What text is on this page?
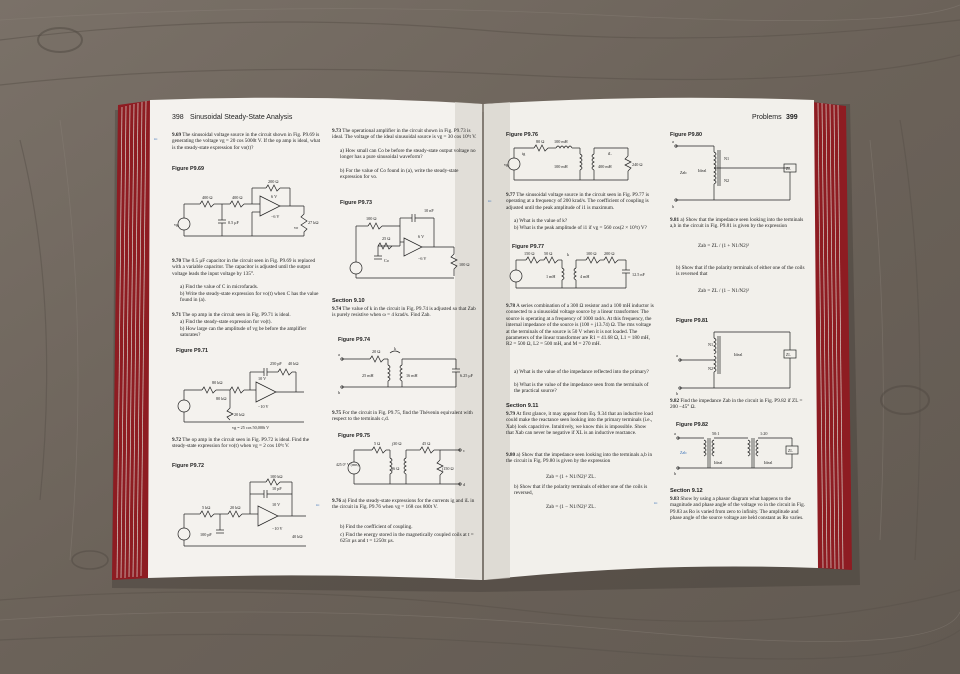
398 Sinusoidal Steady-State Analysis
▪▪▪
9.69 The sinusoidal voltage source in the circuit shown in Fig. P9.69 is generating the voltage vg = 20 cos 5000t V. If the op amp is ideal, what is the steady-state expression for vo(t)?
Figure P9.69
vg
400 Ω	400 Ω
200 Ω
0.5 μF
6 V
−6 V
27 kΩ
vo
9.70 The 0.5 μF capacitor in the circuit seen in Fig. P9.69 is replaced with a variable capacitor. The capacitor is adjusted until the output voltage leads the input voltage by 135°.
a) Find the value of C in microfarads.
b) Write the steady-state expression for vo(t) when C has the value found in (a).
9.71 The op amp in the circuit seen in Fig. P9.71 is ideal.
a) Find the steady-state expression for vo(t).
b) How large can the amplitude of vg be before the amplifier saturates?
Figure P9.71
80 kΩ
80 kΩ
250 pF 40 kΩ
10 V
−10 V
20 kΩ
vg = 25 cos 50,000t V
9.72 The op amp in the circuit seen in Fig. P9.72 is ideal. Find the steady-state expression for vo(t) when vg = 2 cos 10⁶t V.
Figure P9.72
100 kΩ
10 pF
5 kΩ	20 kΩ
100 pF
10 V
−10 V
40 kΩ
9.73 The operational amplifier in the circuit shown in Fig. P9.73 is ideal. The voltage of the ideal sinusoidal source is vg = 30 cos 10⁶t V.
a) How small can Co be before the steady-state output voltage no longer has a pure sinusoidal waveform?
b) For the value of Co found in (a), write the steady-state expression for vo.
Figure P9.73
10 nF
100 Ω
25 Ω
Co
6 V
−6 V
100 Ω
Section 9.10
9.74 The value of k in the circuit in Fig. P9.74 is adjusted so that Zab is purely resistive when ω = 4 krad/s. Find Zab.
Figure P9.74
a
b
20 Ω
25 mH	16 mH	6.25 μF
k
9.75 For the circuit in Fig. P9.75, find the Thévenin equivalent with respect to the terminals c,d.
Figure P9.75
5 Ω	j30 Ω	45 Ω
j6 Ω	j150 Ω
425 0° V (rms)
c
d
▪▪▪
9.76 a) Find the steady-state expressions for the currents ig and iL in the circuit in Fig. P9.76 when vg = 168 cos 800t V.
b) Find the coefficient of coupling.
c) Find the energy stored in the magnetically coupled coils at t = 625π μs and t = 1250π μs.
Problems 399
Figure P9.76
80 Ω 100 mH
100 mH	400 mH	240 Ω
ig	iL
vg
▪▪▪
9.77 The sinusoidal voltage source in the circuit seen in Fig. P9.77 is operating at a frequency of 200 krad/s. The coefficient of coupling is adjusted until the peak amplitude of i1 is maximum.
a) What is the value of k?
b) What is the peak amplitude of i1 if vg = 560 cos(2 × 10⁵t) V?
Figure P9.77
150 Ω 50 Ω	100 Ω 200 Ω
1 mH	4 mH	12.5 nF
k
9.78 A series combination of a 300 Ω resistor and a 100 mH inductor is connected to a sinusoidal voltage source by a linear transformer. The source is operating at a frequency of 1000 rad/s. At this frequency, the internal impedance of the source is (100 + j13.74) Ω. The rms voltage at the terminals of the source is 50 V when it is not loaded. The parameters of the linear transformer are R1 = 41.68 Ω, L1 = 180 mH, R2 = 500 Ω, L2 = 500 mH, and M = 270 mH.
a) What is the value of the impedance reflected into the primary?
b) What is the value of the impedance seen from the terminals of the practical source?
Section 9.11
9.79 At first glance, it may appear from Eq. 9.34 that an inductive load could make the reactance seen looking into the primary terminals (i.e., Xab) look capacitive. Intuitively, we know this is impossible. Show that Xab can never be negative if XL is an inductive reactance.
9.80 a) Show that the impedance seen looking into the terminals a,b in the circuit in Fig. P9.80 is given by the expression
Zab = (1 + N1/N2)² ZL.
b) Show that if the polarity terminals of either one of the coils is reversed,
Zab = (1 − N1/N2)² ZL.
Figure P9.80
a
b
N1
N2
Ideal	ZL
Zab
9.81 a) Show that the impedance seen looking into the terminals a,b in the circuit in Fig. P9.81 is given by the expression
Zab = ZL / (1 + N1/N2)²
b) Show that if the polarity terminals of either one of the coils is reversed that
Zab = ZL / (1 − N1/N2)²
Figure P9.81
a
b
N1
N2
Ideal	ZL
9.82 Find the impedance Zab in the circuit in Fig. P9.82 if ZL = 200 −45° Ω.
Figure P9.82
a
b
50:1	1:20
Ideal	Ideal
ZL
Zab
Section 9.12
▪▪▪
9.83 Show by using a phasor diagram what happens to the magnitude and phase angle of the voltage vo in the circuit in Fig. P9.83 as Ro is varied from zero to infinity. The amplitude and phase angle of the source voltage are held constant as Ro varies.
